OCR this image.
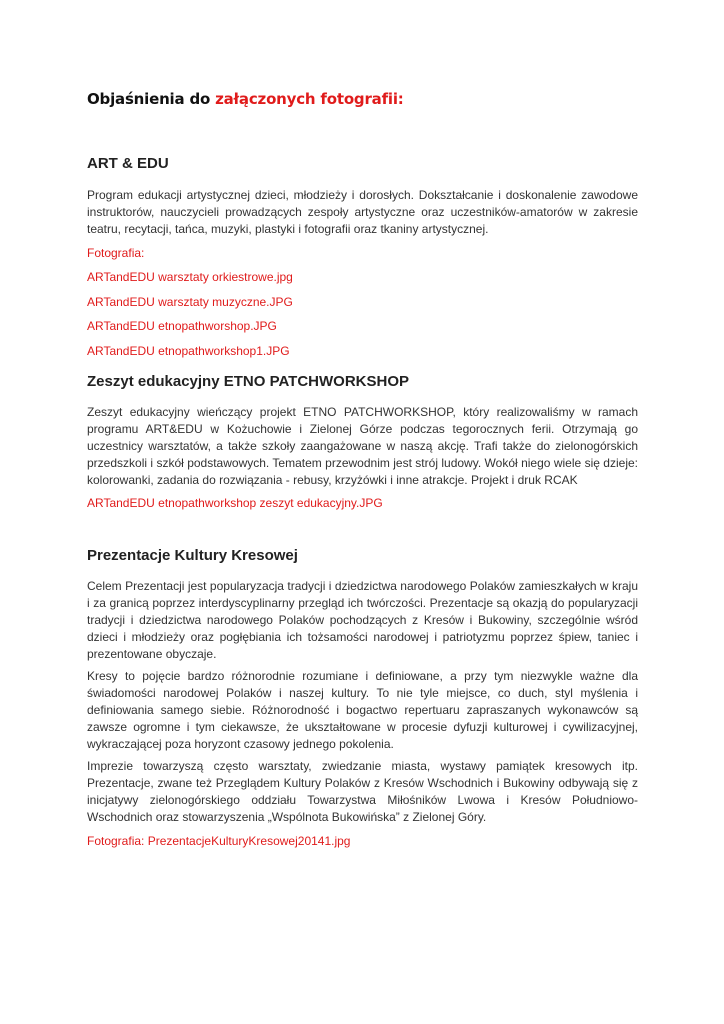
Objaśnienia do załączonych fotografii:
ART & EDU
Program edukacji artystycznej dzieci, młodzieży i dorosłych. Dokształcanie i doskonalenie zawodowe instruktorów, nauczycieli prowadzących zespoły artystyczne oraz uczestników-amatorów w zakresie teatru, recytacji, tańca, muzyki, plastyki i fotografii oraz tkaniny artystycznej.
Fotografia:
ARTandEDU warsztaty orkiestrowe.jpg
ARTandEDU warsztaty muzyczne.JPG
ARTandEDU etnopathworshop.JPG
ARTandEDU etnopathworkshop1.JPG
Zeszyt edukacyjny ETNO PATCHWORKSHOP
Zeszyt edukacyjny wieńczący projekt ETNO PATCHWORKSHOP, który realizowaliśmy w ramach programu ART&EDU w Kożuchowie i Zielonej Górze podczas tegorocznych ferii. Otrzymają go uczestnicy warsztatów, a także szkoły zaangażowane w naszą akcję. Trafi także do zielonogórskich przedszkoli i szkół podstawowych. Tematem przewodnim jest strój ludowy. Wokół niego wiele się dzieje: kolorowanki, zadania do rozwiązania - rebusy, krzyżówki i inne atrakcje. Projekt i druk RCAK
ARTandEDU etnopathworkshop zeszyt edukacyjny.JPG
Prezentacje Kultury Kresowej
Celem Prezentacji jest popularyzacja tradycji i dziedzictwa narodowego Polaków zamieszkałych w kraju i za granicą poprzez interdyscyplinarny przegląd ich twórczości. Prezentacje są okazją do popularyzacji tradycji i dziedzictwa narodowego Polaków pochodzących z Kresów i Bukowiny, szczególnie wśród dzieci i młodzieży oraz pogłębiania ich tożsamości narodowej i patriotyzmu poprzez śpiew, taniec i prezentowane obyczaje.
Kresy to pojęcie bardzo różnorodnie rozumiane i definiowane, a przy tym niezwykle ważne dla świadomości narodowej Polaków i naszej kultury. To nie tyle miejsce, co duch, styl myślenia i definiowania samego siebie. Różnorodność i bogactwo repertuaru zapraszanych wykonawców są zawsze ogromne i tym ciekawsze, że ukształtowane w procesie dyfuzji kulturowej i cywilizacyjnej, wykraczającej poza horyzont czasowy jednego pokolenia.
Imprezie towarzyszą często warsztaty, zwiedzanie miasta, wystawy pamiątek kresowych itp. Prezentacje, zwane też Przeglądem Kultury Polaków z Kresów Wschodnich i Bukowiny odbywają się z inicjatywy zielonogórskiego oddziału Towarzystwa Miłośników Lwowa i Kresów Południowo-Wschodnich oraz stowarzyszenia „Wspólnota Bukowińska” z Zielonej Góry.
Fotografia: PrezentacjeKulturyKresowej20141.jpg
